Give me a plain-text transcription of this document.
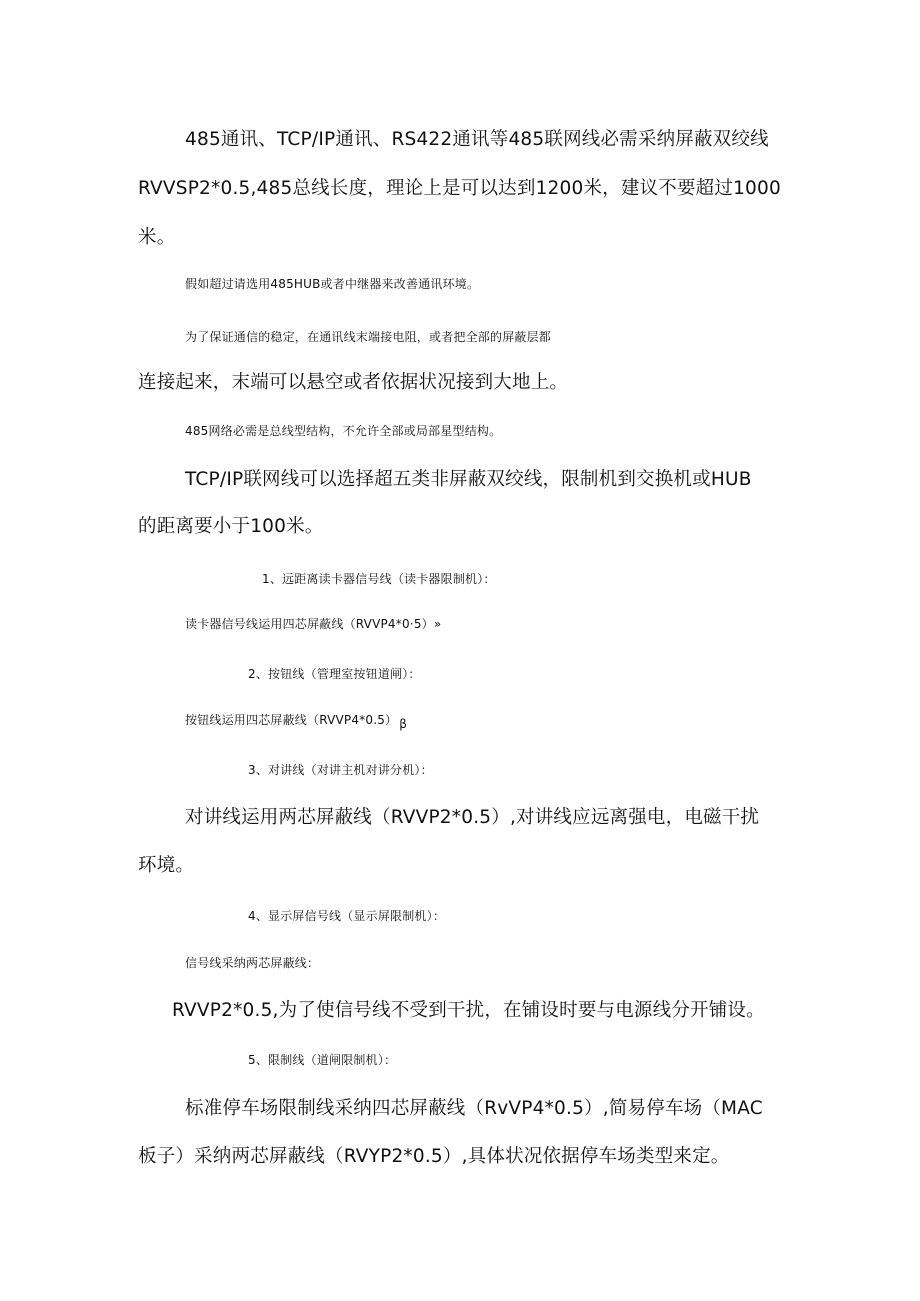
485通讯、TCP/IP通讯、RS422通讯等485联网线必需采纳屏蔽双绞线
RVVSP2*0.5,485总线长度，理论上是可以达到1200米，建议不要超过1000
米。
假如超过请选用485HUB或者中继器来改善通讯环境。
为了保证通信的稳定，在通讯线末端接电阻，或者把全部的屏蔽层都
连接起来，末端可以悬空或者依据状况接到大地上。
485网络必需是总线型结构，不允许全部或局部星型结构。
TCP/IP联网线可以选择超五类非屏蔽双绞线，限制机到交换机或HUB
的距离要小于100米。
1、远距离读卡器信号线（读卡器限制机）：
读卡器信号线运用四芯屏蔽线（RVVP4*0·5）»
2、按钮线（管理室按钮道闸）：
按钮线运用四芯屏蔽线（RVVP4*0.5） β
3、对讲线（对讲主机对讲分机）：
对讲线运用两芯屏蔽线（RVVP2*0.5）,对讲线应远离强电，电磁干扰
环境。
4、显示屏信号线（显示屏限制机）：
信号线采纳两芯屏蔽线：
RVVP2*0.5,为了使信号线不受到干扰，在铺设时要与电源线分开铺设。
5、限制线（道闸限制机）：
标准停车场限制线采纳四芯屏蔽线（RvVP4*0.5）,简易停车场（MAC
板子）采纳两芯屏蔽线（RVYP2*0.5）,具体状况依据停车场类型来定。
